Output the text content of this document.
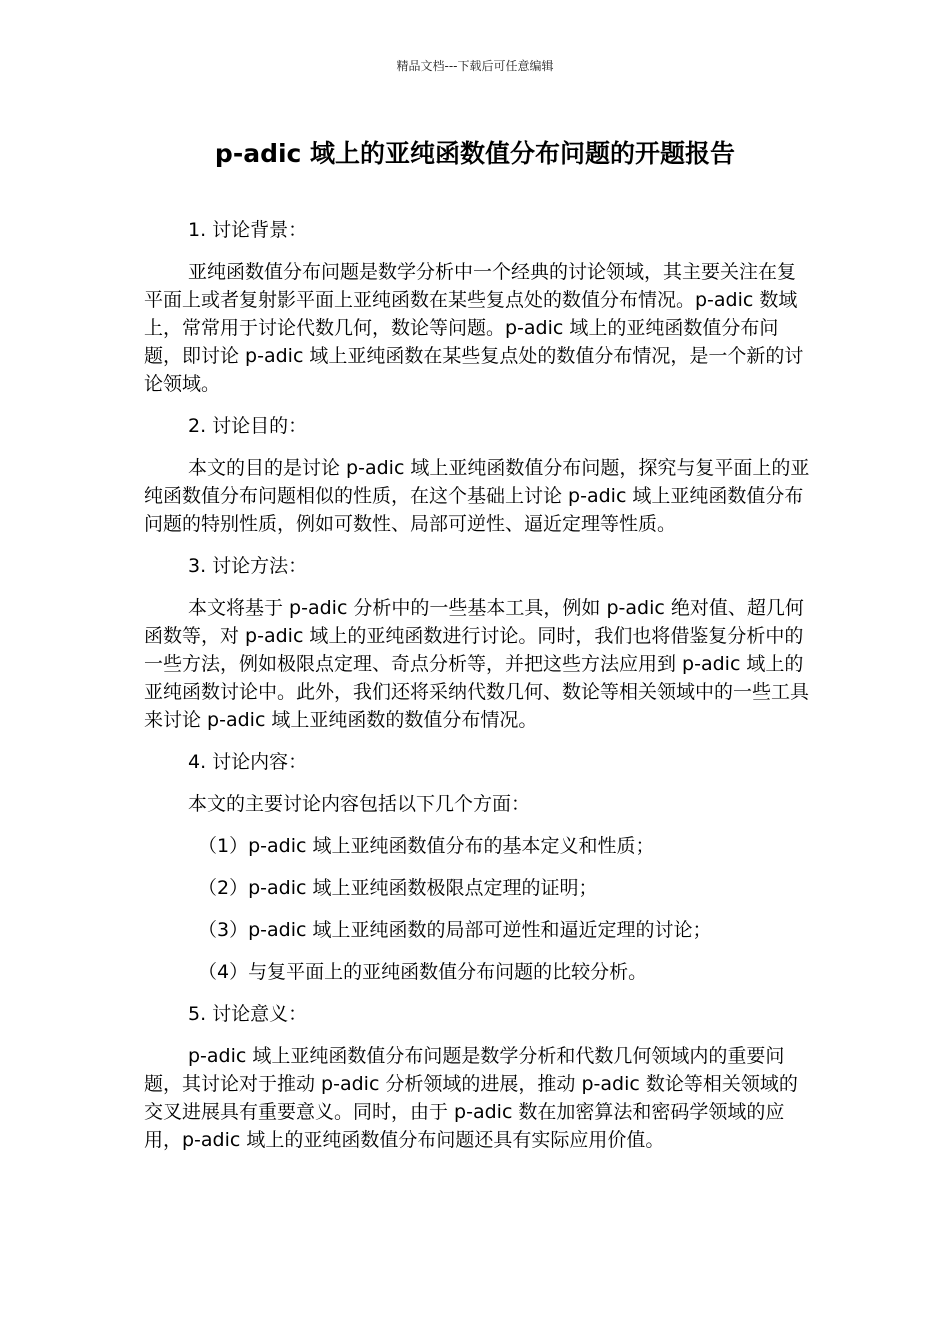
精品文档---下载后可任意编辑
p-adic 域上的亚纯函数值分布问题的开题报告
1. 讨论背景：

亚纯函数值分布问题是数学分析中一个经典的讨论领域，其主要关注在复平面上或者复射影平面上亚纯函数在某些复点处的数值分布情况。p-adic 数域上，常常用于讨论代数几何，数论等问题。p-adic 域上的亚纯函数值分布问题，即讨论 p-adic 域上亚纯函数在某些复点处的数值分布情况，是一个新的讨论领域。

2. 讨论目的：

本文的目的是讨论 p-adic 域上亚纯函数值分布问题，探究与复平面上的亚纯函数值分布问题相似的性质，在这个基础上讨论 p-adic 域上亚纯函数值分布问题的特别性质，例如可数性、局部可逆性、逼近定理等性质。

3. 讨论方法：

本文将基于 p-adic 分析中的一些基本工具，例如 p-adic 绝对值、超几何函数等，对 p-adic 域上的亚纯函数进行讨论。同时，我们也将借鉴复分析中的一些方法，例如极限点定理、奇点分析等，并把这些方法应用到 p-adic 域上的亚纯函数讨论中。此外，我们还将采纳代数几何、数论等相关领域中的一些工具来讨论 p-adic 域上亚纯函数的数值分布情况。

4. 讨论内容：
本文的主要讨论内容包括以下几个方面：
（1）p-adic 域上亚纯函数值分布的基本定义和性质；
（2）p-adic 域上亚纯函数极限点定理的证明；
（3）p-adic 域上亚纯函数的局部可逆性和逼近定理的讨论；
（4）与复平面上的亚纯函数值分布问题的比较分析。
5. 讨论意义：

p-adic 域上亚纯函数值分布问题是数学分析和代数几何领域内的重要问题，其讨论对于推动 p-adic 分析领域的进展，推动 p-adic 数论等相关领域的交叉进展具有重要意义。同时，由于 p-adic 数在加密算法和密码学领域的应用，p-adic 域上的亚纯函数值分布问题还具有实际应用价值。
